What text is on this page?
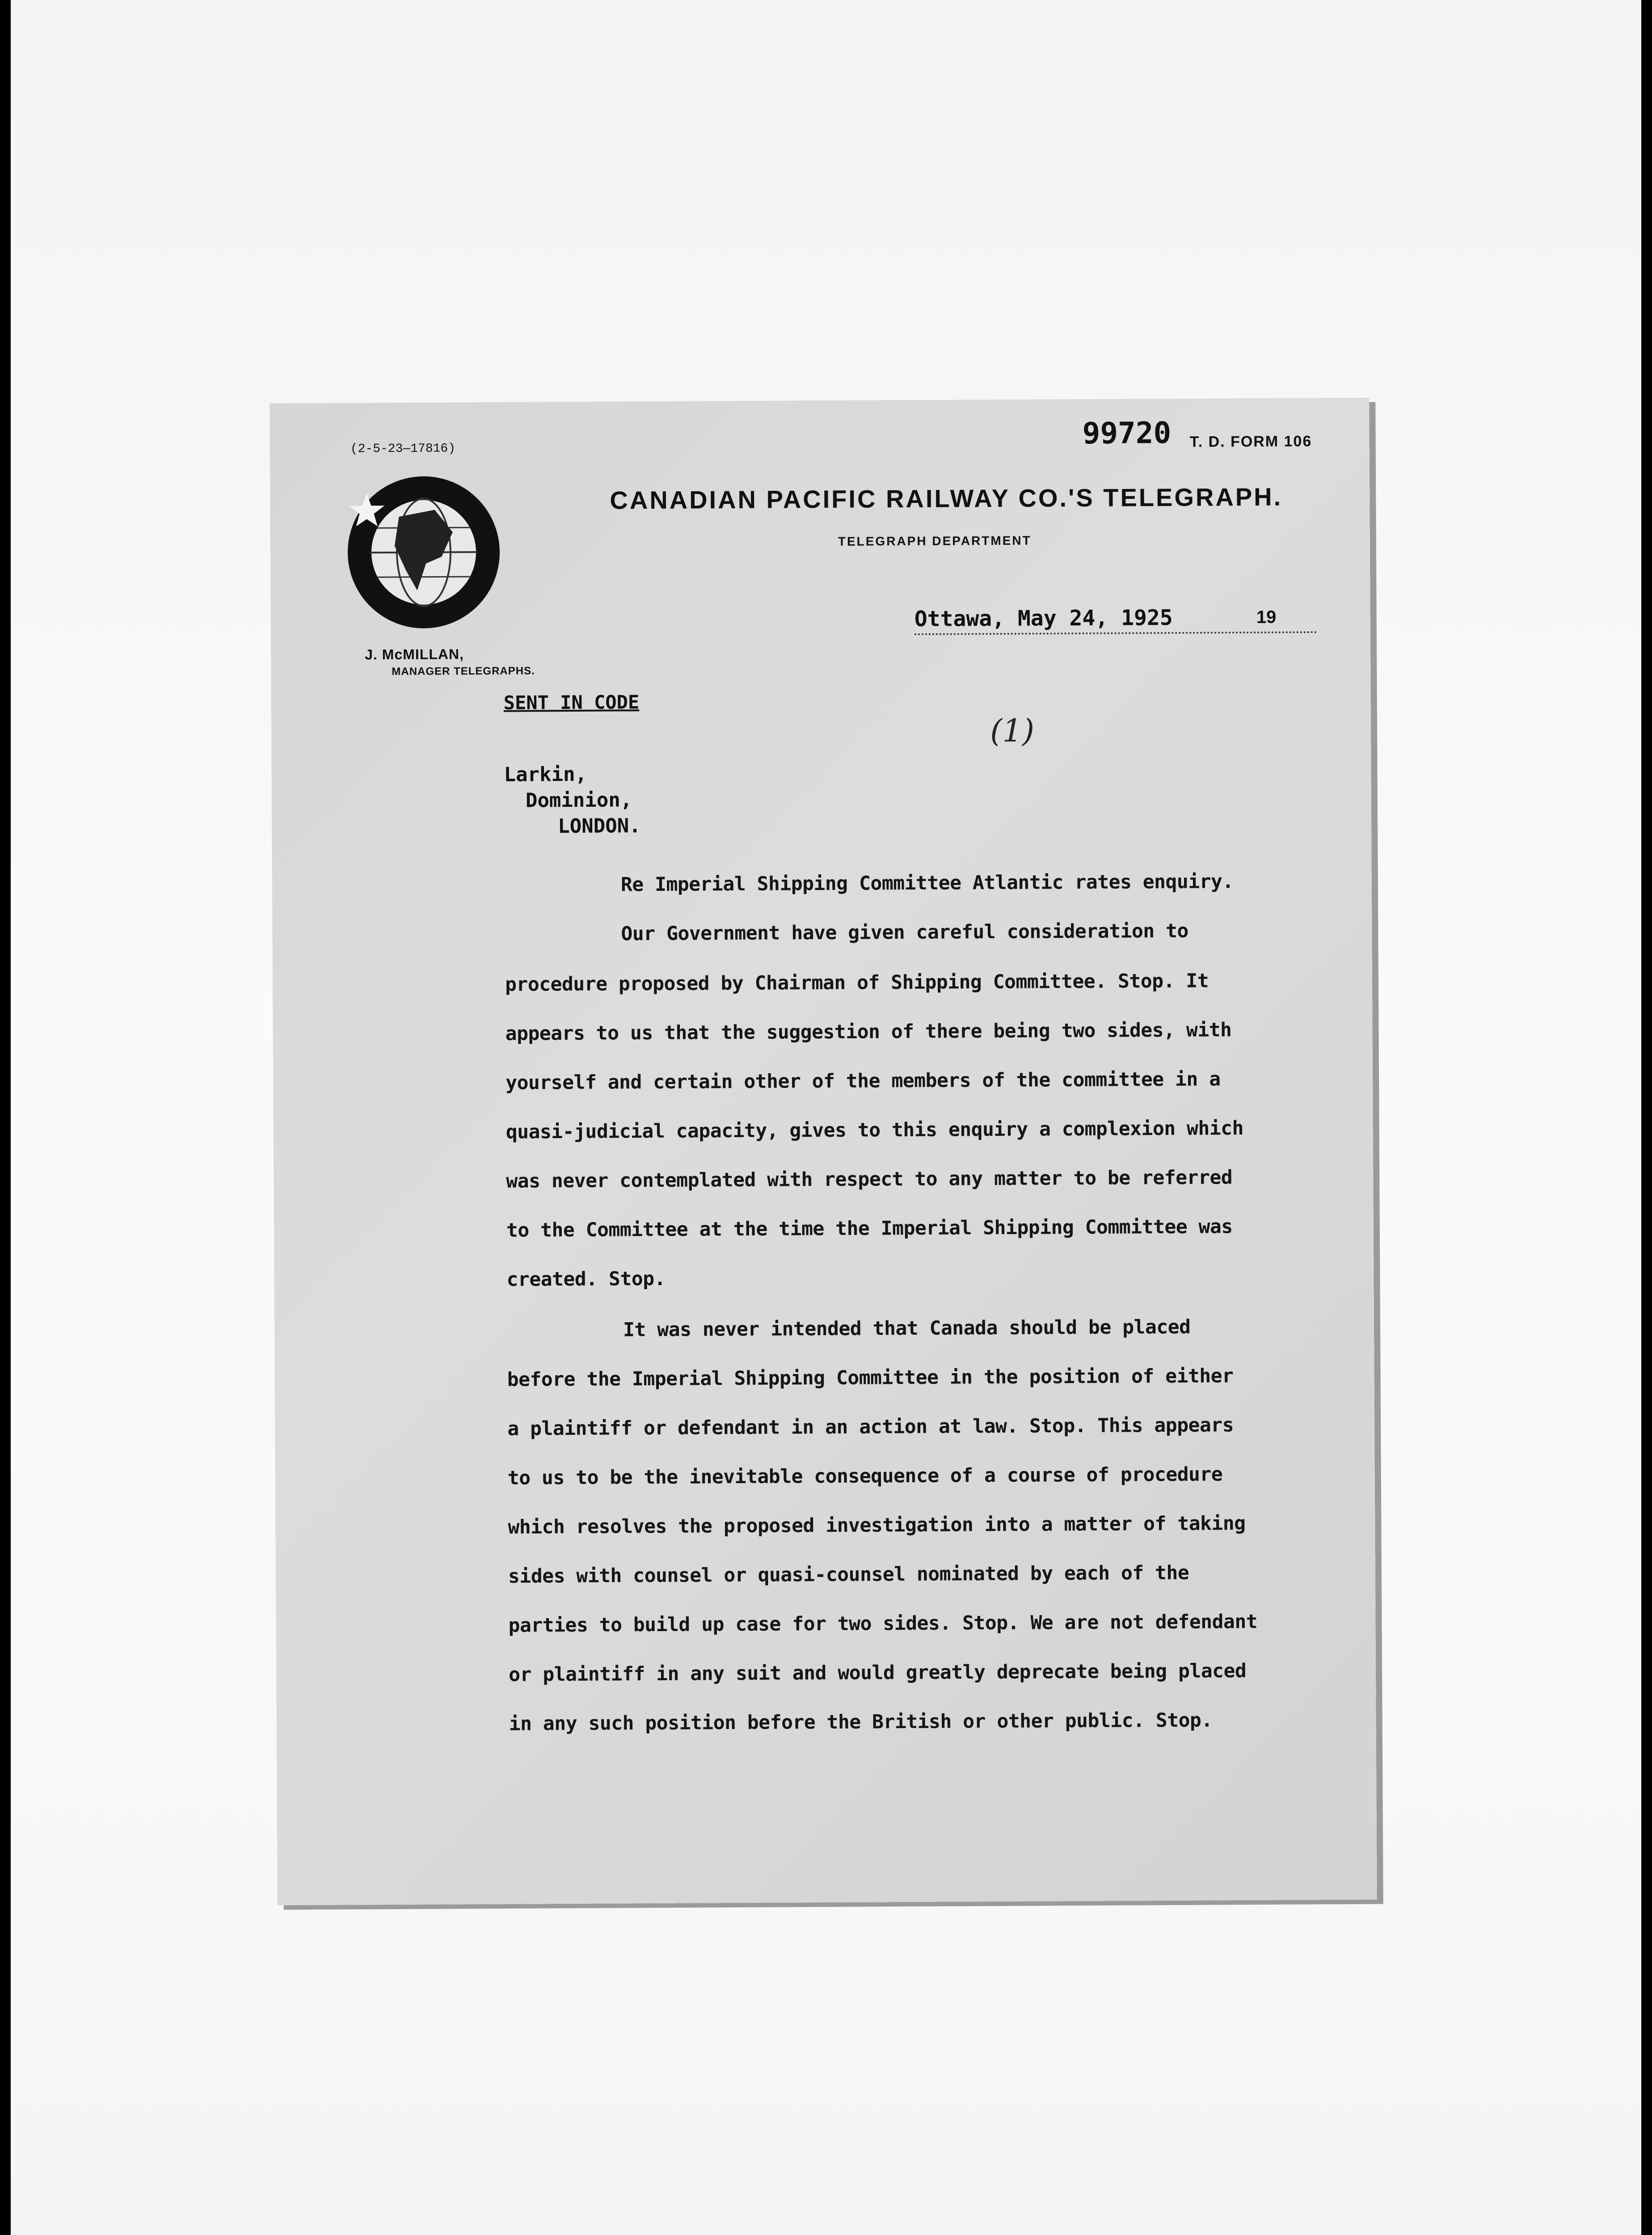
(2-5-23—17816)	99720 T. D. FORM 106
CANADIAN PACIFIC RAILWAY CO.'S TELEGRAPH.
TELEGRAPH DEPARTMENT
J. McMILLAN,
MANAGER TELEGRAPHS.
Ottawa, May 24, 1925	19
SENT IN CODE
(1)
Larkin,
Dominion,
LONDON.
Re Imperial Shipping Committee Atlantic rates enquiry.
Our Government have given careful consideration to
procedure proposed by Chairman of Shipping Committee. Stop. It
appears to us that the suggestion of there being two sides, with
yourself and certain other of the members of the committee in a
quasi-judicial capacity, gives to this enquiry a complexion which
was never contemplated with respect to any matter to be referred
to the Committee at the time the Imperial Shipping Committee was
created. Stop.
It was never intended that Canada should be placed
before the Imperial Shipping Committee in the position of either
a plaintiff or defendant in an action at law. Stop. This appears
to us to be the inevitable consequence of a course of procedure
which resolves the proposed investigation into a matter of taking
sides with counsel or quasi-counsel nominated by each of the
parties to build up case for two sides. Stop. We are not defendant
or plaintiff in any suit and would greatly deprecate being placed
in any such position before the British or other public. Stop.
